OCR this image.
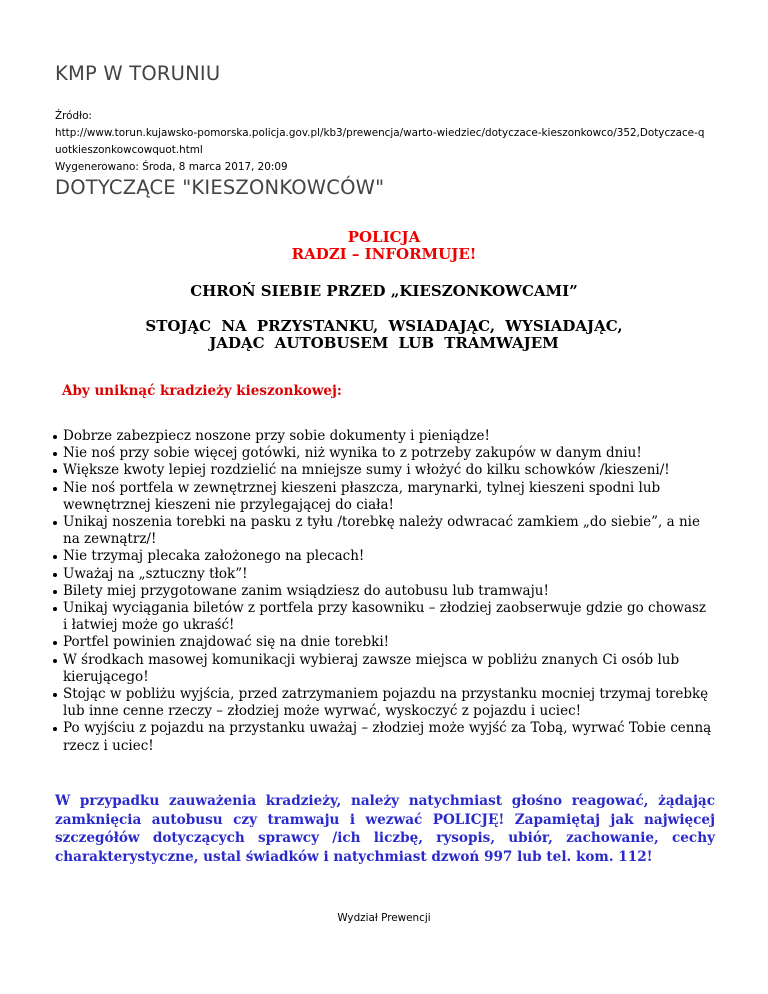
KMP W TORUNIU
Źródło:
http://www.torun.kujawsko-pomorska.policja.gov.pl/kb3/prewencja/warto-wiedziec/dotyczace-kieszonkowco/352,Dotyczace-q
uotkieszonkowcowquot.html
Wygenerowano: Środa, 8 marca 2017, 20:09
DOTYCZĄCE "KIESZONKOWCÓW"
POLICJA
RADZI – INFORMUJE!
CHROŃ SIEBIE PRZED „KIESZONKOWCAMI”
STOJĄC NA PRZYSTANKU, WSIADAJĄC, WYSIADAJĄC,
JADĄC AUTOBUSEM LUB TRAMWAJEM
Aby uniknąć kradzieży kieszonkowej:
Dobrze zabezpiecz noszone przy sobie dokumenty i pieniądze!
Nie noś przy sobie więcej gotówki, niż wynika to z potrzeby zakupów w danym dniu!
Większe kwoty lepiej rozdzielić na mniejsze sumy i włożyć do kilku schowków /kieszeni/!
Nie noś portfela w zewnętrznej kieszeni płaszcza, marynarki, tylnej kieszeni spodni lub wewnętrznej kieszeni nie przylegającej do ciała!
Unikaj noszenia torebki na pasku z tyłu /torebkę należy odwracać zamkiem „do siebie”, a nie na zewnątrz/!
Nie trzymaj plecaka założonego na plecach!
Uważaj na „sztuczny tłok”!
Bilety miej przygotowane zanim wsiądziesz do autobusu lub tramwaju!
Unikaj wyciągania biletów z portfela przy kasowniku – złodziej zaobserwuje gdzie go chowasz i łatwiej może go ukraść!
Portfel powinien znajdować się na dnie torebki!
W środkach masowej komunikacji wybieraj zawsze miejsca w pobliżu znanych Ci osób lub kierującego!
Stojąc w pobliżu wyjścia, przed zatrzymaniem pojazdu na przystanku mocniej trzymaj torebkę lub inne cenne rzeczy – złodziej może wyrwać, wyskoczyć z pojazdu i uciec!
Po wyjściu z pojazdu na przystanku uważaj – złodziej może wyjść za Tobą, wyrwać Tobie cenną rzecz i uciec!
W przypadku zauważenia kradzieży, należy natychmiast głośno reagować, żądając zamknięcia autobusu czy tramwaju i wezwać POLICJĘ! Zapamiętaj jak najwięcej szczegółów dotyczących sprawcy /ich liczbę, rysopis, ubiór, zachowanie, cechy charakterystyczne, ustal świadków i natychmiast dzwoń 997 lub tel. kom. 112!
Wydział Prewencji
